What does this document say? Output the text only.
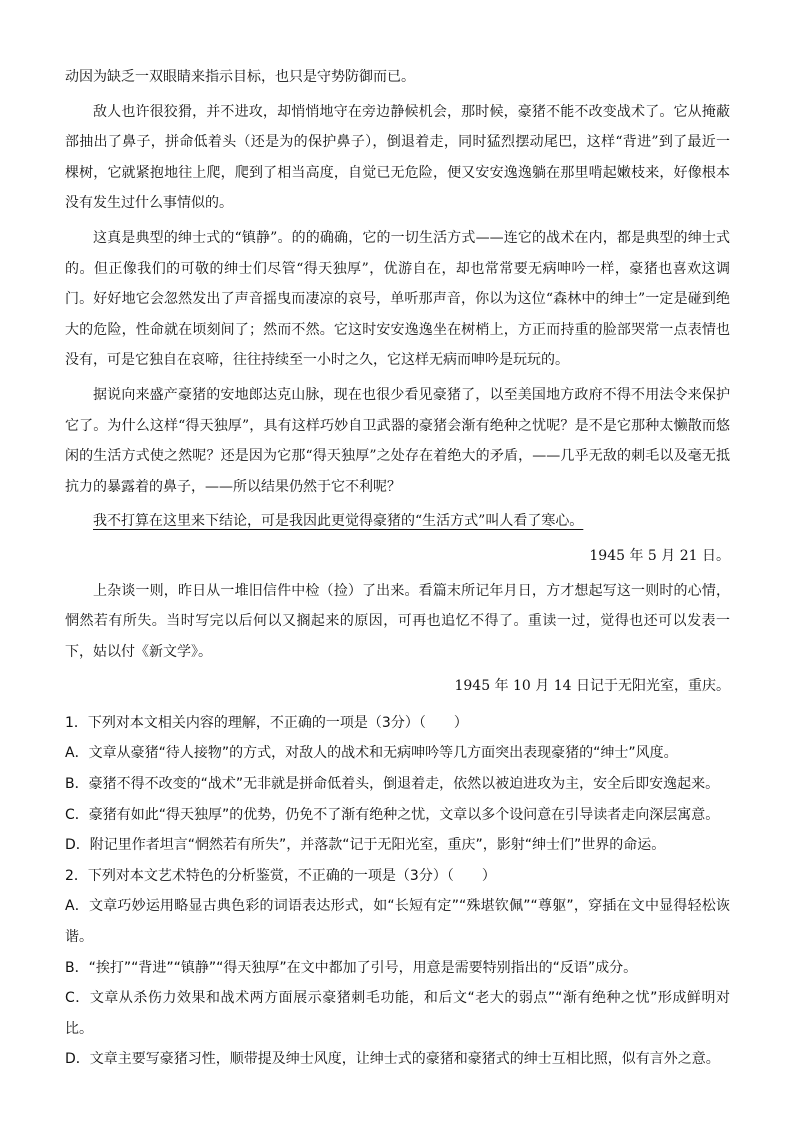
动因为缺乏一双眼睛来指示目标，也只是守势防御而已。

敌人也许很狡猾，并不进攻，却悄悄地守在旁边静候机会，那时候，豪猪不能不改变战术了。它从掩蔽部抽出了鼻子，拼命低着头（还是为的保护鼻子），倒退着走，同时猛烈摆动尾巴，这样“背进”到了最近一棵树，它就紧抱地往上爬，爬到了相当高度，自觉已无危险，便又安安逸逸躺在那里啃起嫩枝来，好像根本没有发生过什么事情似的。

这真是典型的绅士式的“镇静”。的的确确，它的一切生活方式——连它的战术在内，都是典型的绅士式的。但正像我们的可敬的绅士们尽管“得天独厚”，优游自在，却也常常要无病呻吟一样，豪猪也喜欢这调门。好好地它会忽然发出了声音摇曳而凄凉的哀号，单听那声音，你以为这位“森林中的绅士”一定是碰到绝大的危险，性命就在顷刻间了；然而不然。它这时安安逸逸坐在树梢上，方正而持重的脸部哭常一点表情也没有，可是它独自在哀啼，往往持续至一小时之久，它这样无病而呻吟是玩玩的。

据说向来盛产豪猪的安地郎达克山脉，现在也很少看见豪猪了，以至美国地方政府不得不用法令来保护它了。为什么这样“得天独厚”，具有这样巧妙自卫武器的豪猪会渐有绝种之忧呢？是不是它那种太懒散而悠闲的生活方式使之然呢？还是因为它那“得天独厚”之处存在着绝大的矛盾，——几乎无敌的刺毛以及毫无抵抗力的暴露着的鼻子，——所以结果仍然于它不利呢？

我不打算在这里来下结论，可是我因此更觉得豪猪的“生活方式”叫人看了寒心。

1945 年 5 月 21 日。

上杂谈一则，昨日从一堆旧信件中检（捡）了出来。看篇末所记年月日，方才想起写这一则时的心情，惘然若有所失。当时写完以后何以又搁起来的原因，可再也追忆不得了。重读一过，觉得也还可以发表一下，姑以付《新文学》。

1945 年 10 月 14 日记于无阳光室，重庆。

1．下列对本文相关内容的理解，不正确的一项是（3分）（　　）

A．文章从豪猪“待人接物”的方式，对敌人的战术和无病呻吟等几方面突出表现豪猪的“绅士”风度。

B．豪猪不得不改变的“战术”无非就是拼命低着头，倒退着走，依然以被迫进攻为主，安全后即安逸起来。

C．豪猪有如此“得天独厚”的优势，仍免不了渐有绝种之忧，文章以多个设问意在引导读者走向深层寓意。

D．附记里作者坦言“惘然若有所失”，并落款“记于无阳光室，重庆”，影射“绅士们”世界的命运。

2．下列对本文艺术特色的分析鉴赏，不正确的一项是（3分）（　　）

A．文章巧妙运用略显古典色彩的词语表达形式，如“长短有定”“殊堪钦佩”“尊躯”，穿插在文中显得轻松诙谐。

B．“挨打”“背进”“镇静”“得天独厚”在文中都加了引号，用意是需要特别指出的“反语”成分。

C．文章从杀伤力效果和战术两方面展示豪猪刺毛功能，和后文“老大的弱点”“渐有绝种之忧”形成鲜明对比。

D．文章主要写豪猪习性，顺带提及绅士风度，让绅士式的豪猪和豪猪式的绅士互相比照，似有言外之意。
